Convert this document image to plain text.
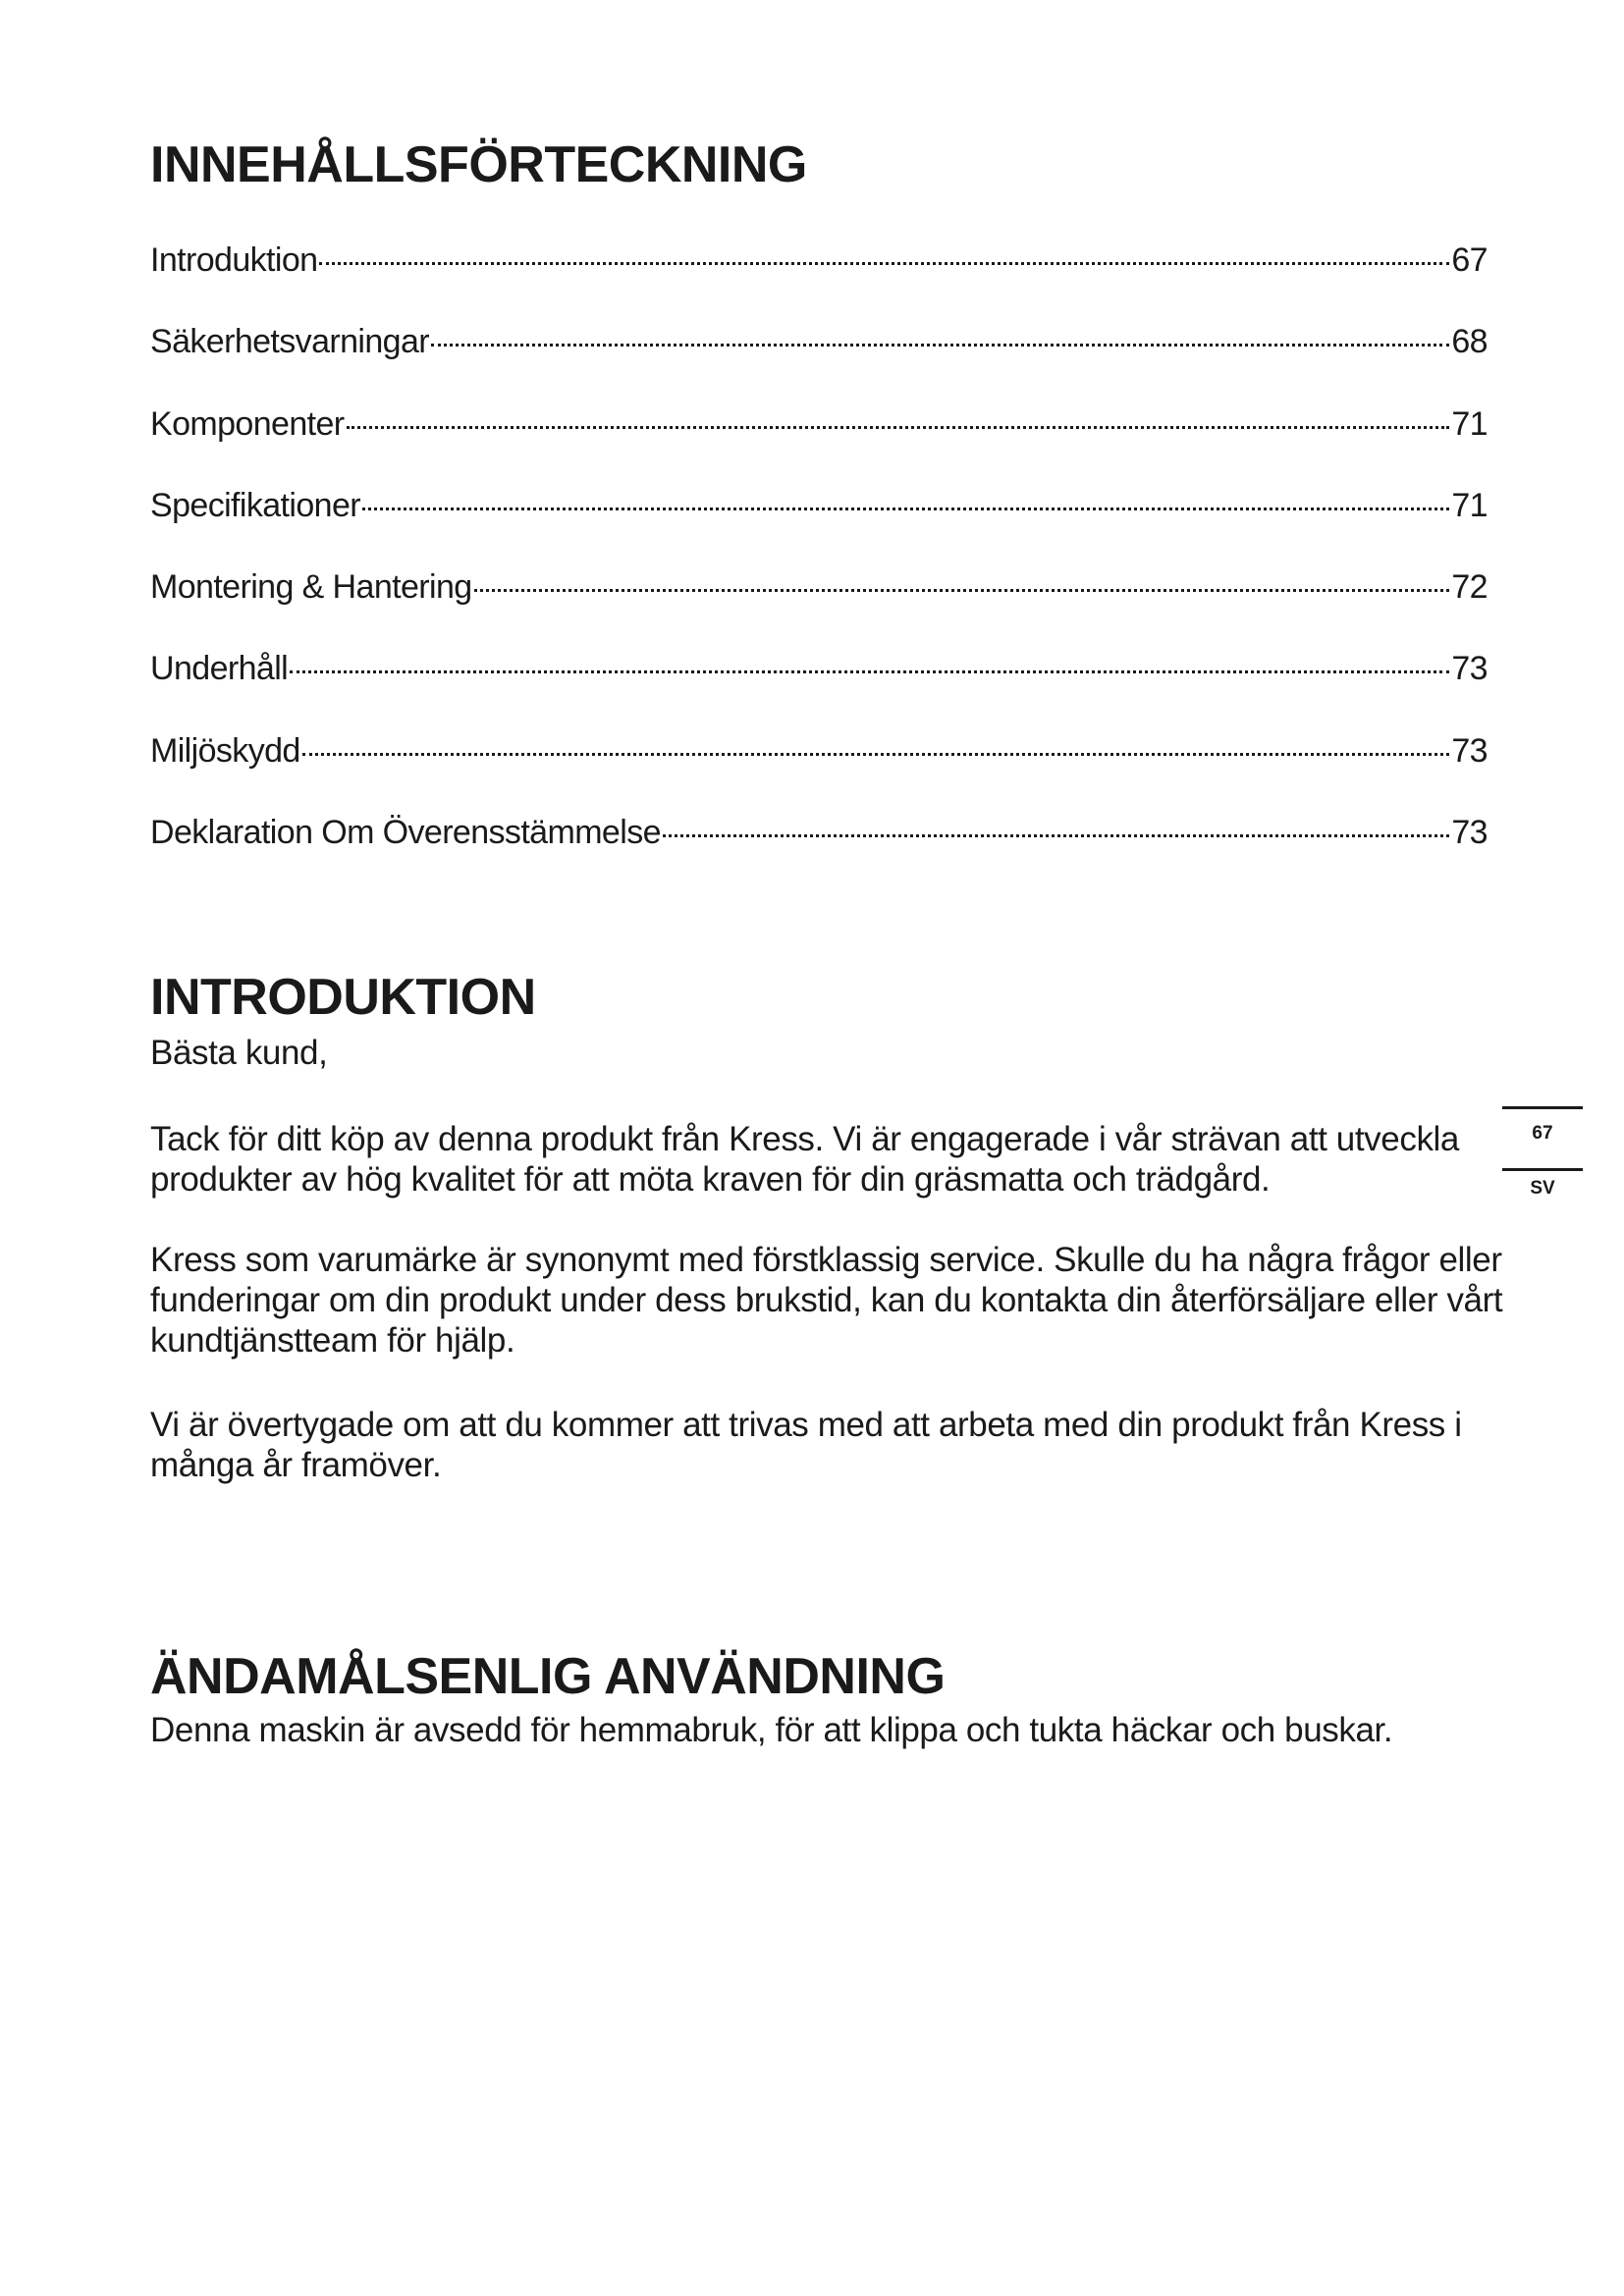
INNEHÅLLSFÖRTECKNING
Introduktion	67
Säkerhetsvarningar	68
Komponenter	71
Specifikationer	71
Montering & Hantering	72
Underhåll	73
Miljöskydd	73
Deklaration Om Överensstämmelse	73
INTRODUKTION

Bästa kund,

Tack för ditt köp av denna produkt från Kress. Vi är engagerade i vår strävan att utveckla produkter av hög kvalitet för att möta kraven för din gräsmatta och trädgård.

Kress som varumärke är synonymt med förstklassig service. Skulle du ha några frågor eller funderingar om din produkt under dess brukstid, kan du kontakta din återförsäljare eller vårt kundtjänstteam för hjälp.

Vi är övertygade om att du kommer att trivas med att arbeta med din produkt från Kress i många år framöver.

ÄNDAMÅLSENLIG ANVÄNDNING

Denna maskin är avsedd för hemmabruk, för att klippa och tukta häckar och buskar.

67
SV
